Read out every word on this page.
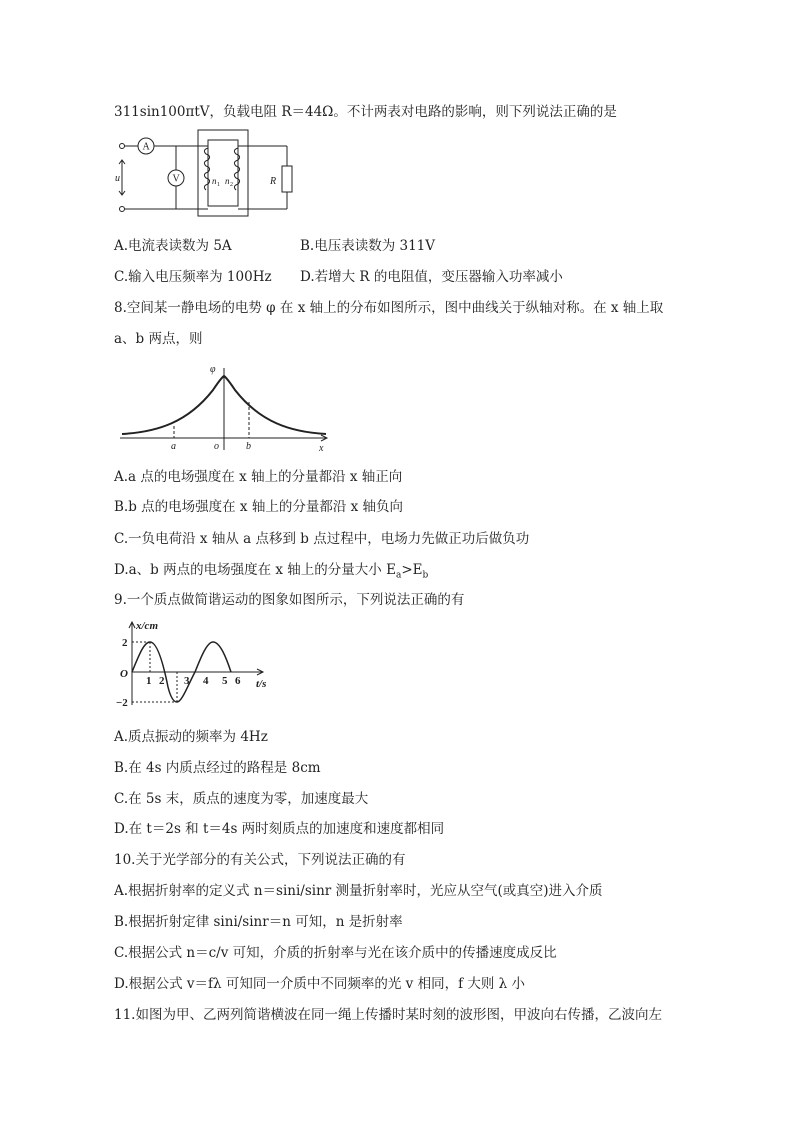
311sin100πtV，负载电阻 R＝44Ω。不计两表对电路的影响，则下列说法正确的是
A
V
u	n 1 n 2	R
A.电流表读数为 5A	B.电压表读数为 311V
C.输入电压频率为 100Hz D.若增大 R 的电阻值，变压器输入功率减小
8.空间某一静电场的电势 φ 在 x 轴上的分布如图所示，图中曲线关于纵轴对称。在 x 轴上取
a、b 两点，则
φ
a	o	b	x
A.a 点的电场强度在 x 轴上的分量都沿 x 轴正向
B.b 点的电场强度在 x 轴上的分量都沿 x 轴负向
C.一负电荷沿 x 轴从 a 点移到 b 点过程中，电场力先做正功后做负功
D.a、b 两点的电场强度在 x 轴上的分量大小 $E_a>E_b$
9.一个质点做简谐运动的图象如图所示，下列说法正确的有
x/cm
t/s
O
2
−2
1 2 3 4 5 6
A.质点振动的频率为 4Hz
B.在 4s 内质点经过的路程是 8cm
C.在 5s 末，质点的速度为零，加速度最大
D.在 t＝2s 和 t＝4s 两时刻质点的加速度和速度都相同
10.关于光学部分的有关公式，下列说法正确的有
A.根据折射率的定义式 n＝sini/sinr 测量折射率时，光应从空气(或真空)进入介质
B.根据折射定律 sini/sinr＝n 可知，n 是折射率
C.根据公式 n＝c/v 可知，介质的折射率与光在该介质中的传播速度成反比
D.根据公式 v＝fλ 可知同一介质中不同频率的光 v 相同，f 大则 λ 小
11.如图为甲、乙两列简谐横波在同一绳上传播时某时刻的波形图，甲波向右传播，乙波向左
